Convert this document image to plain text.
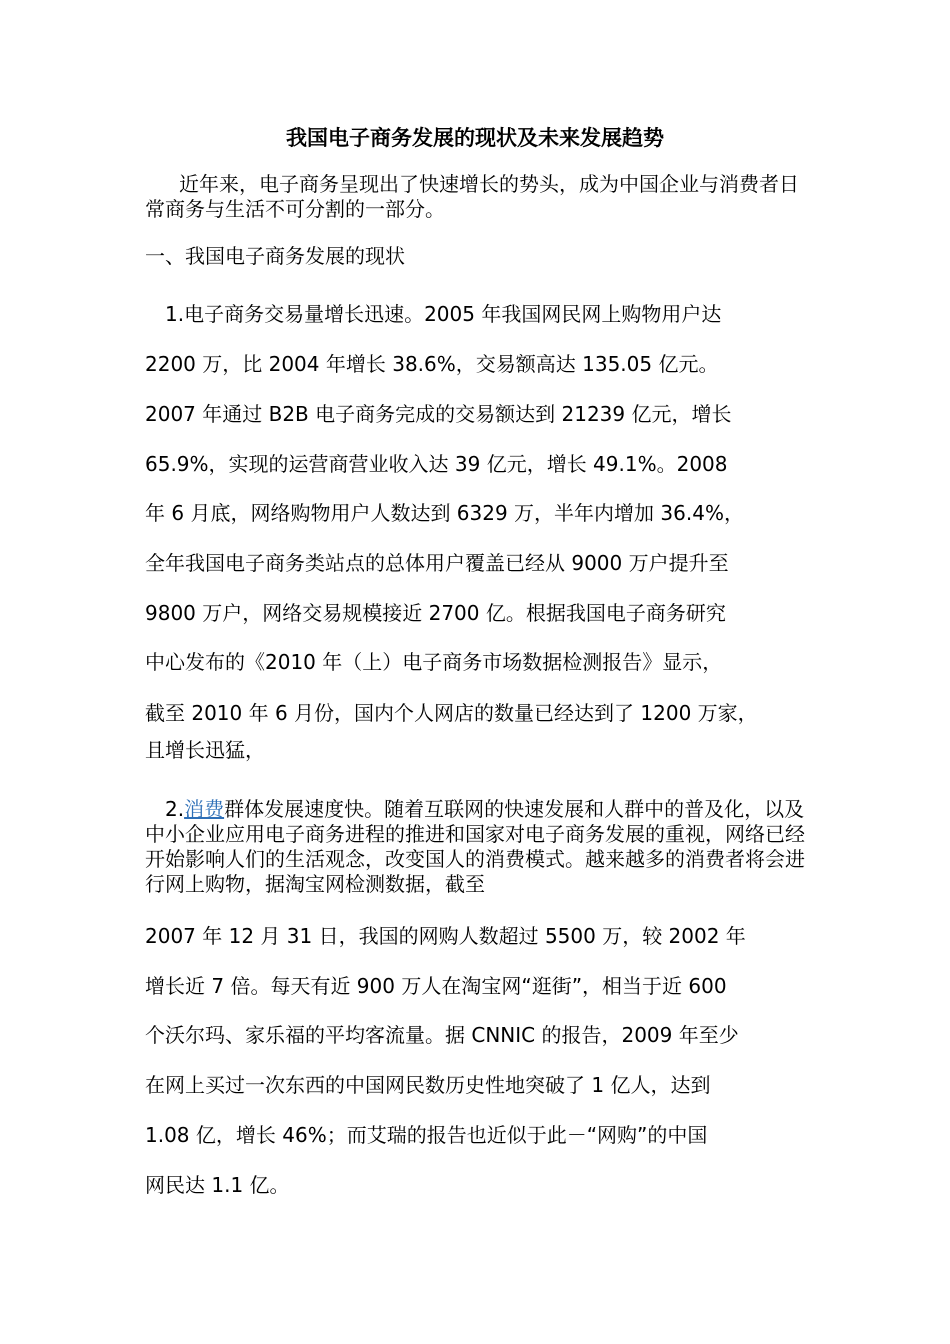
我国电子商务发展的现状及未来发展趋势

近年来，电子商务呈现出了快速增长的势头，成为中国企业与消费者日常商务与生活不可分割的一部分。

一、我国电子商务发展的现状

　1.电子商务交易量增长迅速。2005 年我国网民网上购物用户达

2200 万，比 2004 年增长 38.6%，交易额高达 135.05 亿元。

2007 年通过 B2B 电子商务完成的交易额达到 21239 亿元，增长

65.9%，实现的运营商营业收入达 39 亿元，增长 49.1%。2008

年 6 月底，网络购物用户人数达到 6329 万，半年内增加 36.4%，

全年我国电子商务类站点的总体用户覆盖已经从 9000 万户提升至

9800 万户，网络交易规模接近 2700 亿。根据我国电子商务研究

中心发布的《2010 年（上）电子商务市场数据检测报告》显示，

截至 2010 年 6 月份，国内个人网店的数量已经达到了 1200 万家，

且增长迅猛，

　2.消费群体发展速度快。随着互联网的快速发展和人群中的普及化，以及中小企业应用电子商务进程的推进和国家对电子商务发展的重视，网络已经开始影响人们的生活观念，改变国人的消费模式。越来越多的消费者将会进行网上购物，据淘宝网检测数据，截至

2007 年 12 月 31 日，我国的网购人数超过 5500 万，较 2002 年

增长近 7 倍。每天有近 900 万人在淘宝网“逛街”，相当于近 600

个沃尔玛、家乐福的平均客流量。据 CNNIC 的报告，2009 年至少

在网上买过一次东西的中国网民数历史性地突破了 1 亿人，达到

1.08 亿，增长 46%；而艾瑞的报告也近似于此－“网购”的中国

网民达 1.1 亿。
